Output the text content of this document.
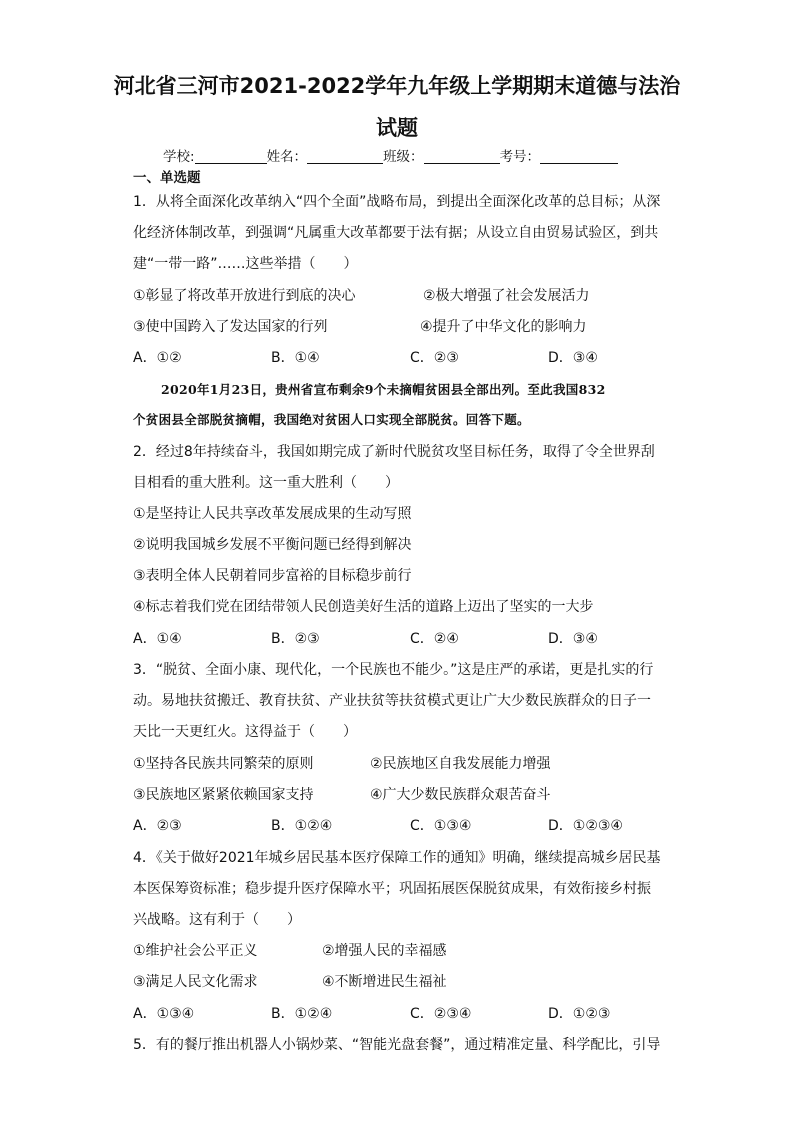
河北省三河市2021-2022学年九年级上学期期末道德与法治
试题
学校:	姓名：	班级：	考号：
一、单选题
1．从将全面深化改革纳入“四个全面”战略布局，到提出全面深化改革的总目标；从深
化经济体制改革，到强调“凡属重大改革都要于法有据；从设立自由贸易试验区，到共
建“一带一路”……这些举措（　　）
①彰显了将改革开放进行到底的决心	②极大增强了社会发展活力
③使中国跨入了发达国家的行列	④提升了中华文化的影响力
A．①②	B．①④	C．②③	D．③④
2020年1月23日，贵州省宣布剩余9个未摘帽贫困县全部出列。至此我国832
个贫困县全部脱贫摘帽，我国绝对贫困人口实现全部脱贫。回答下题。
2．经过8年持续奋斗，我国如期完成了新时代脱贫攻坚目标任务，取得了令全世界刮
目相看的重大胜利。这一重大胜利（　　）
①是坚持让人民共享改革发展成果的生动写照
②说明我国城乡发展不平衡问题已经得到解决
③表明全体人民朝着同步富裕的目标稳步前行
④标志着我们党在团结带领人民创造美好生活的道路上迈出了坚实的一大步
A．①④	B．②③	C．②④	D．③④
3．“脱贫、全面小康、现代化，一个民族也不能少。”这是庄严的承诺，更是扎实的行
动。易地扶贫搬迁、教育扶贫、产业扶贫等扶贫模式更让广大少数民族群众的日子一
天比一天更红火。这得益于（　　）
①坚持各民族共同繁荣的原则	②民族地区自我发展能力增强
③民族地区紧紧依赖国家支持	④广大少数民族群众艰苦奋斗
A．②③	B．①②④	C．①③④	D．①②③④
4．《关于做好2021年城乡居民基本医疗保障工作的通知》明确，继续提高城乡居民基
本医保筹资标准；稳步提升医疗保障水平；巩固拓展医保脱贫成果，有效衔接乡村振
兴战略。这有利于（　　）
①维护社会公平正义	②增强人民的幸福感
③满足人民文化需求	④不断增进民生福祉
A．①③④	B．①②④	C．②③④	D．①②③
5．有的餐厅推出机器人小锅炒菜、“智能光盘套餐”，通过精准定量、科学配比，引导
